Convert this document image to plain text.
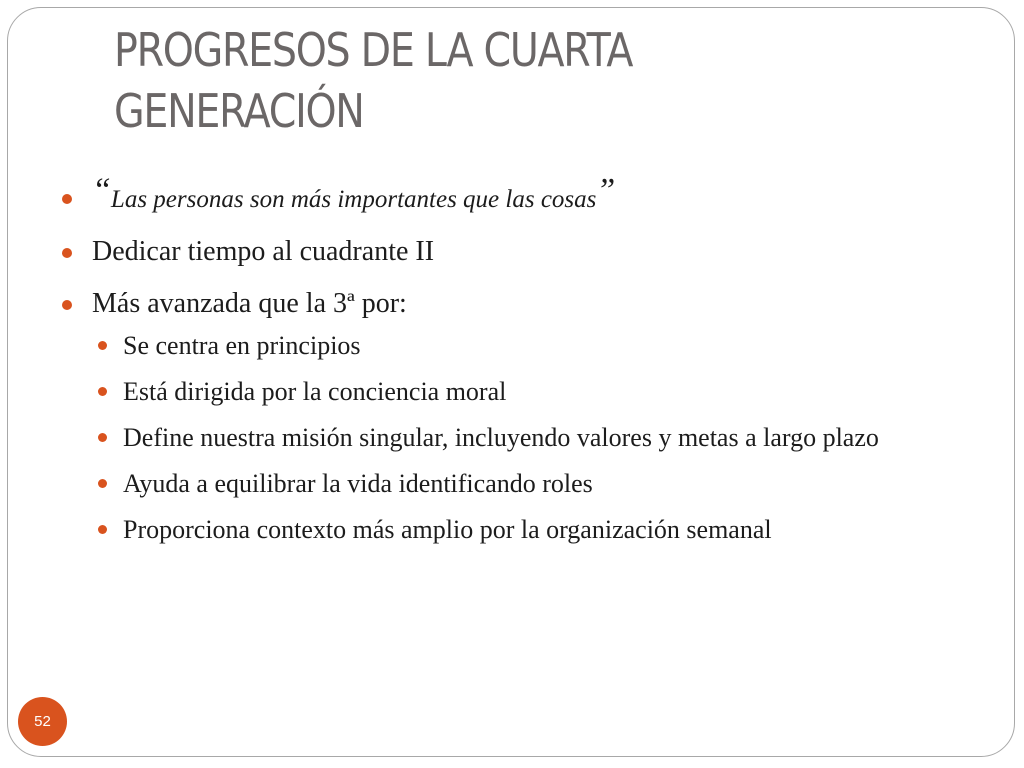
PROGRESOS DE LA CUARTA
GENERACIÓN
“Las personas son más importantes que las cosas”
Dedicar tiempo al cuadrante II
Más avanzada que la 3ª por:
Se centra en principios
Está dirigida por la conciencia moral
Define nuestra misión singular, incluyendo valores y metas a largo plazo
Ayuda a equilibrar la vida identificando roles
Proporciona contexto más amplio por la organización semanal
52
